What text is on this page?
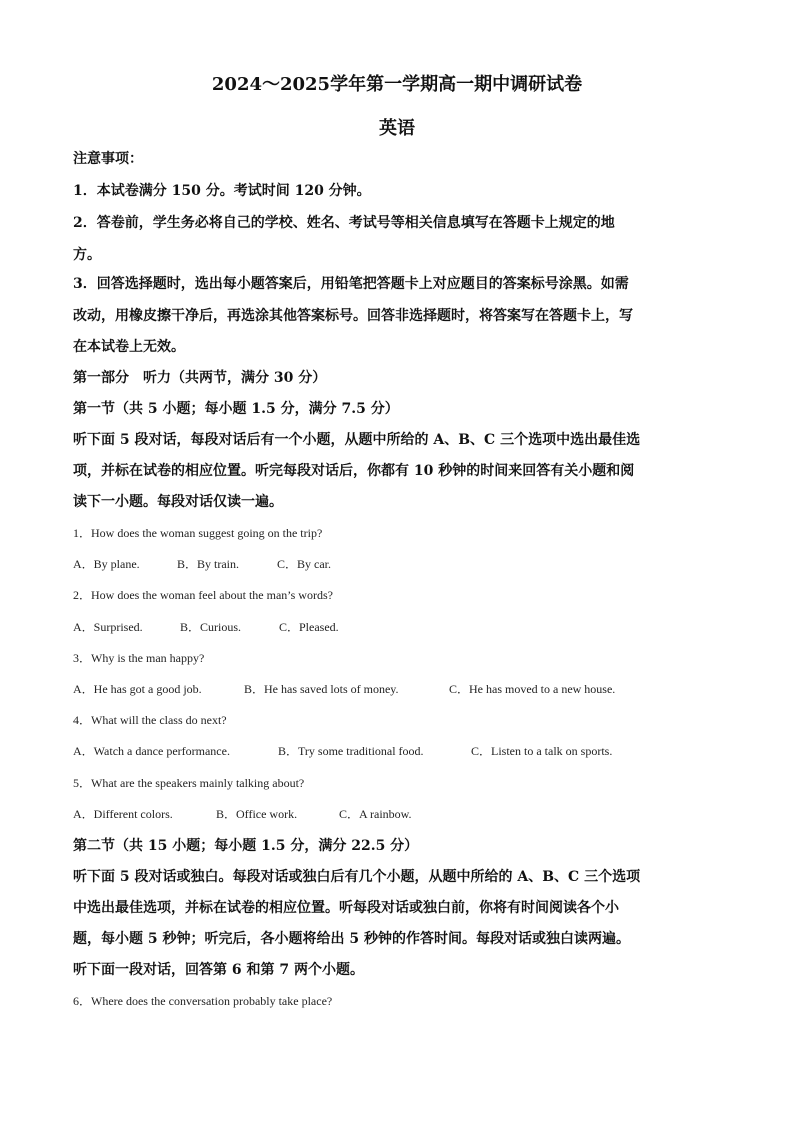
2024～2025学年第一学期高一期中调研试卷
英语
注意事项：
1．本试卷满分 150 分。考试时间 120 分钟。
2．答卷前，学生务必将自己的学校、姓名、考试号等相关信息填写在答题卡上规定的地
方。
3．回答选择题时，选出每小题答案后，用铅笔把答题卡上对应题目的答案标号涂黑。如需
改动，用橡皮擦干净后，再选涂其他答案标号。回答非选择题时，将答案写在答题卡上，写
在本试卷上无效。
第一部分　听力（共两节，满分 30 分）
第一节（共 5 小题；每小题 1.5 分，满分 7.5 分）
听下面 5 段对话，每段对话后有一个小题，从题中所给的 A、B、C 三个选项中选出最佳选
项，并标在试卷的相应位置。听完每段对话后，你都有 10 秒钟的时间来回答有关小题和阅
读下一小题。每段对话仅读一遍。
1．How does the woman suggest going on the trip?
A．By plane.	B．By train.	C．By car.
2．How does the woman feel about the man’s words?
A．Surprised.	B．Curious.	C．Pleased.
3．Why is the man happy?
A．He has got a good job.	B．He has saved lots of money.	C．He has moved to a new house.
4．What will the class do next?
A．Watch a dance performance.	B．Try some traditional food.	C．Listen to a talk on sports.
5．What are the speakers mainly talking about?
A．Different colors.	B．Office work.	C．A rainbow.
第二节（共 15 小题；每小题 1.5 分，满分 22.5 分）
听下面 5 段对话或独白。每段对话或独白后有几个小题，从题中所给的 A、B、C 三个选项
中选出最佳选项，并标在试卷的相应位置。听每段对话或独白前，你将有时间阅读各个小
题，每小题 5 秒钟；听完后，各小题将给出 5 秒钟的作答时间。每段对话或独白读两遍。
听下面一段对话，回答第 6 和第 7 两个小题。
6．Where does the conversation probably take place?
